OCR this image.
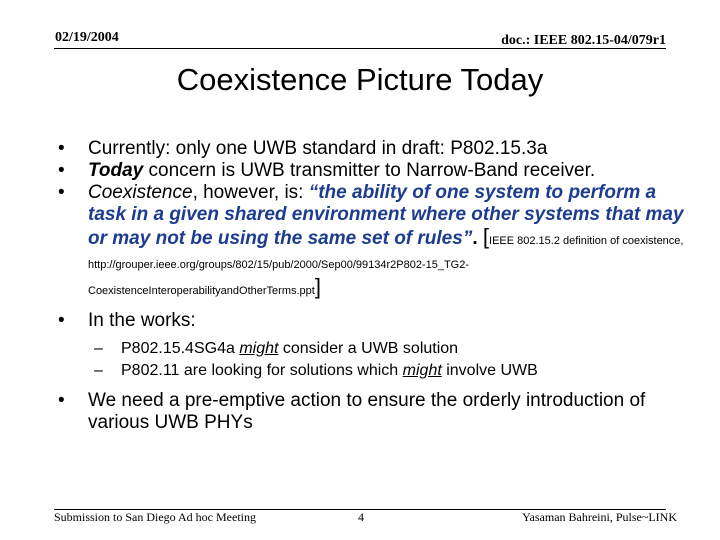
02/19/2004	doc.: IEEE 802.15-04/079r1
Coexistence Picture Today

• Currently: only one UWB standard in draft: P802.15.3a

• Today concern is UWB transmitter to Narrow-Band receiver.

• Coexistence, however, is: “the ability of one system to perform a task in a given shared environment where other systems that may or may not be using the same set of rules”. [IEEE 802.15.2 definition of coexistence, http://grouper.ieee.org/groups/802/15/pub/2000/Sep00/99134r2P802-15_TG2-CoexistenceInteroperabilityandOtherTerms.ppt]

• In the works:

– P802.15.4SG4a might consider a UWB solution

– P802.11 are looking for solutions which might involve UWB

• We need a pre-emptive action to ensure the orderly introduction of various UWB PHYs

Submission to San Diego Ad hoc Meeting	4	Yasaman Bahreini, Pulse~LINK
